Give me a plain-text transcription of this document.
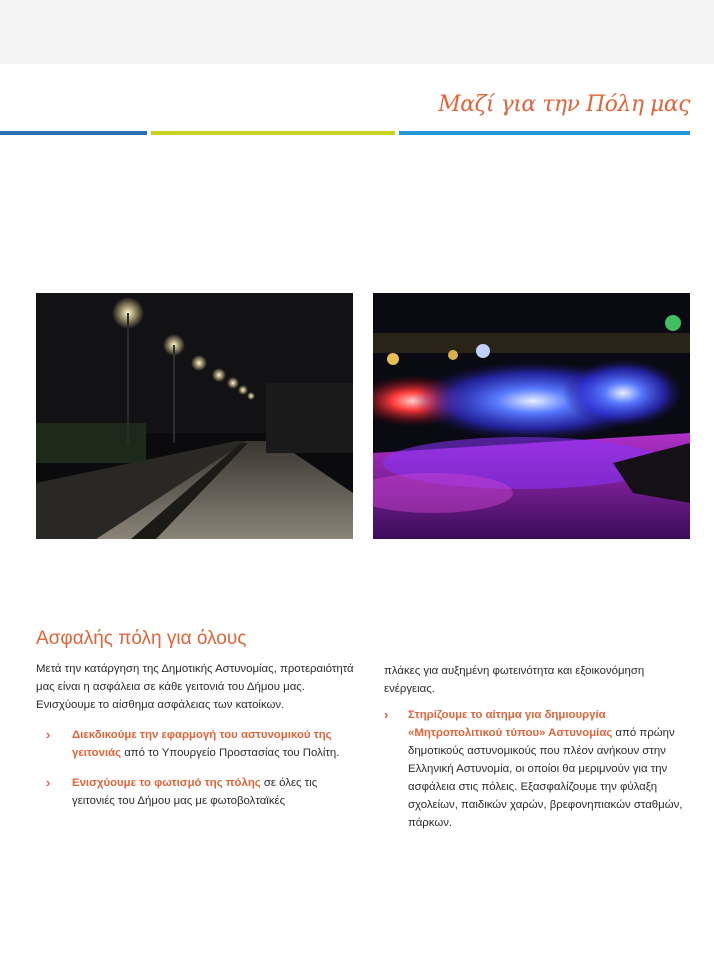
Μαζί για την Πόλη μας
Ασφαλής πόλη για όλους

Μετά την κατάργηση της Δημοτικής Αστυνομίας, προτεραιότητά μας είναι η ασφάλεια σε κάθε γειτονιά του Δήμου μας. Ενισχύουμε το αίσθημα ασφάλειας των κατοίκων.

› Διεκδικούμε την εφαρμογή του αστυνομικού της γειτονιάς από το Υπουργείο Προστασίας του Πολίτη.
› Ενισχύουμε το φωτισμό της πόλης σε όλες τις γειτονιές του Δήμου μας με φωτοβολταϊκές

πλάκες για αυξημένη φωτεινότητα και εξοικονόμηση ενέργειας.

› Στηρίζουμε το αίτημα για δημιουργία «Μητροπολιτικού τύπου» Αστυνομίας από πρώην δημοτικούς αστυνομικούς που πλέον ανήκουν στην Ελληνική Αστυνομία, οι οποίοι θα μεριμνούν για την ασφάλεια στις πόλεις. Εξασφαλίζουμε την φύλαξη σχολείων, παιδικών χαρών, βρεφονηπιακών σταθμών, πάρκων.
